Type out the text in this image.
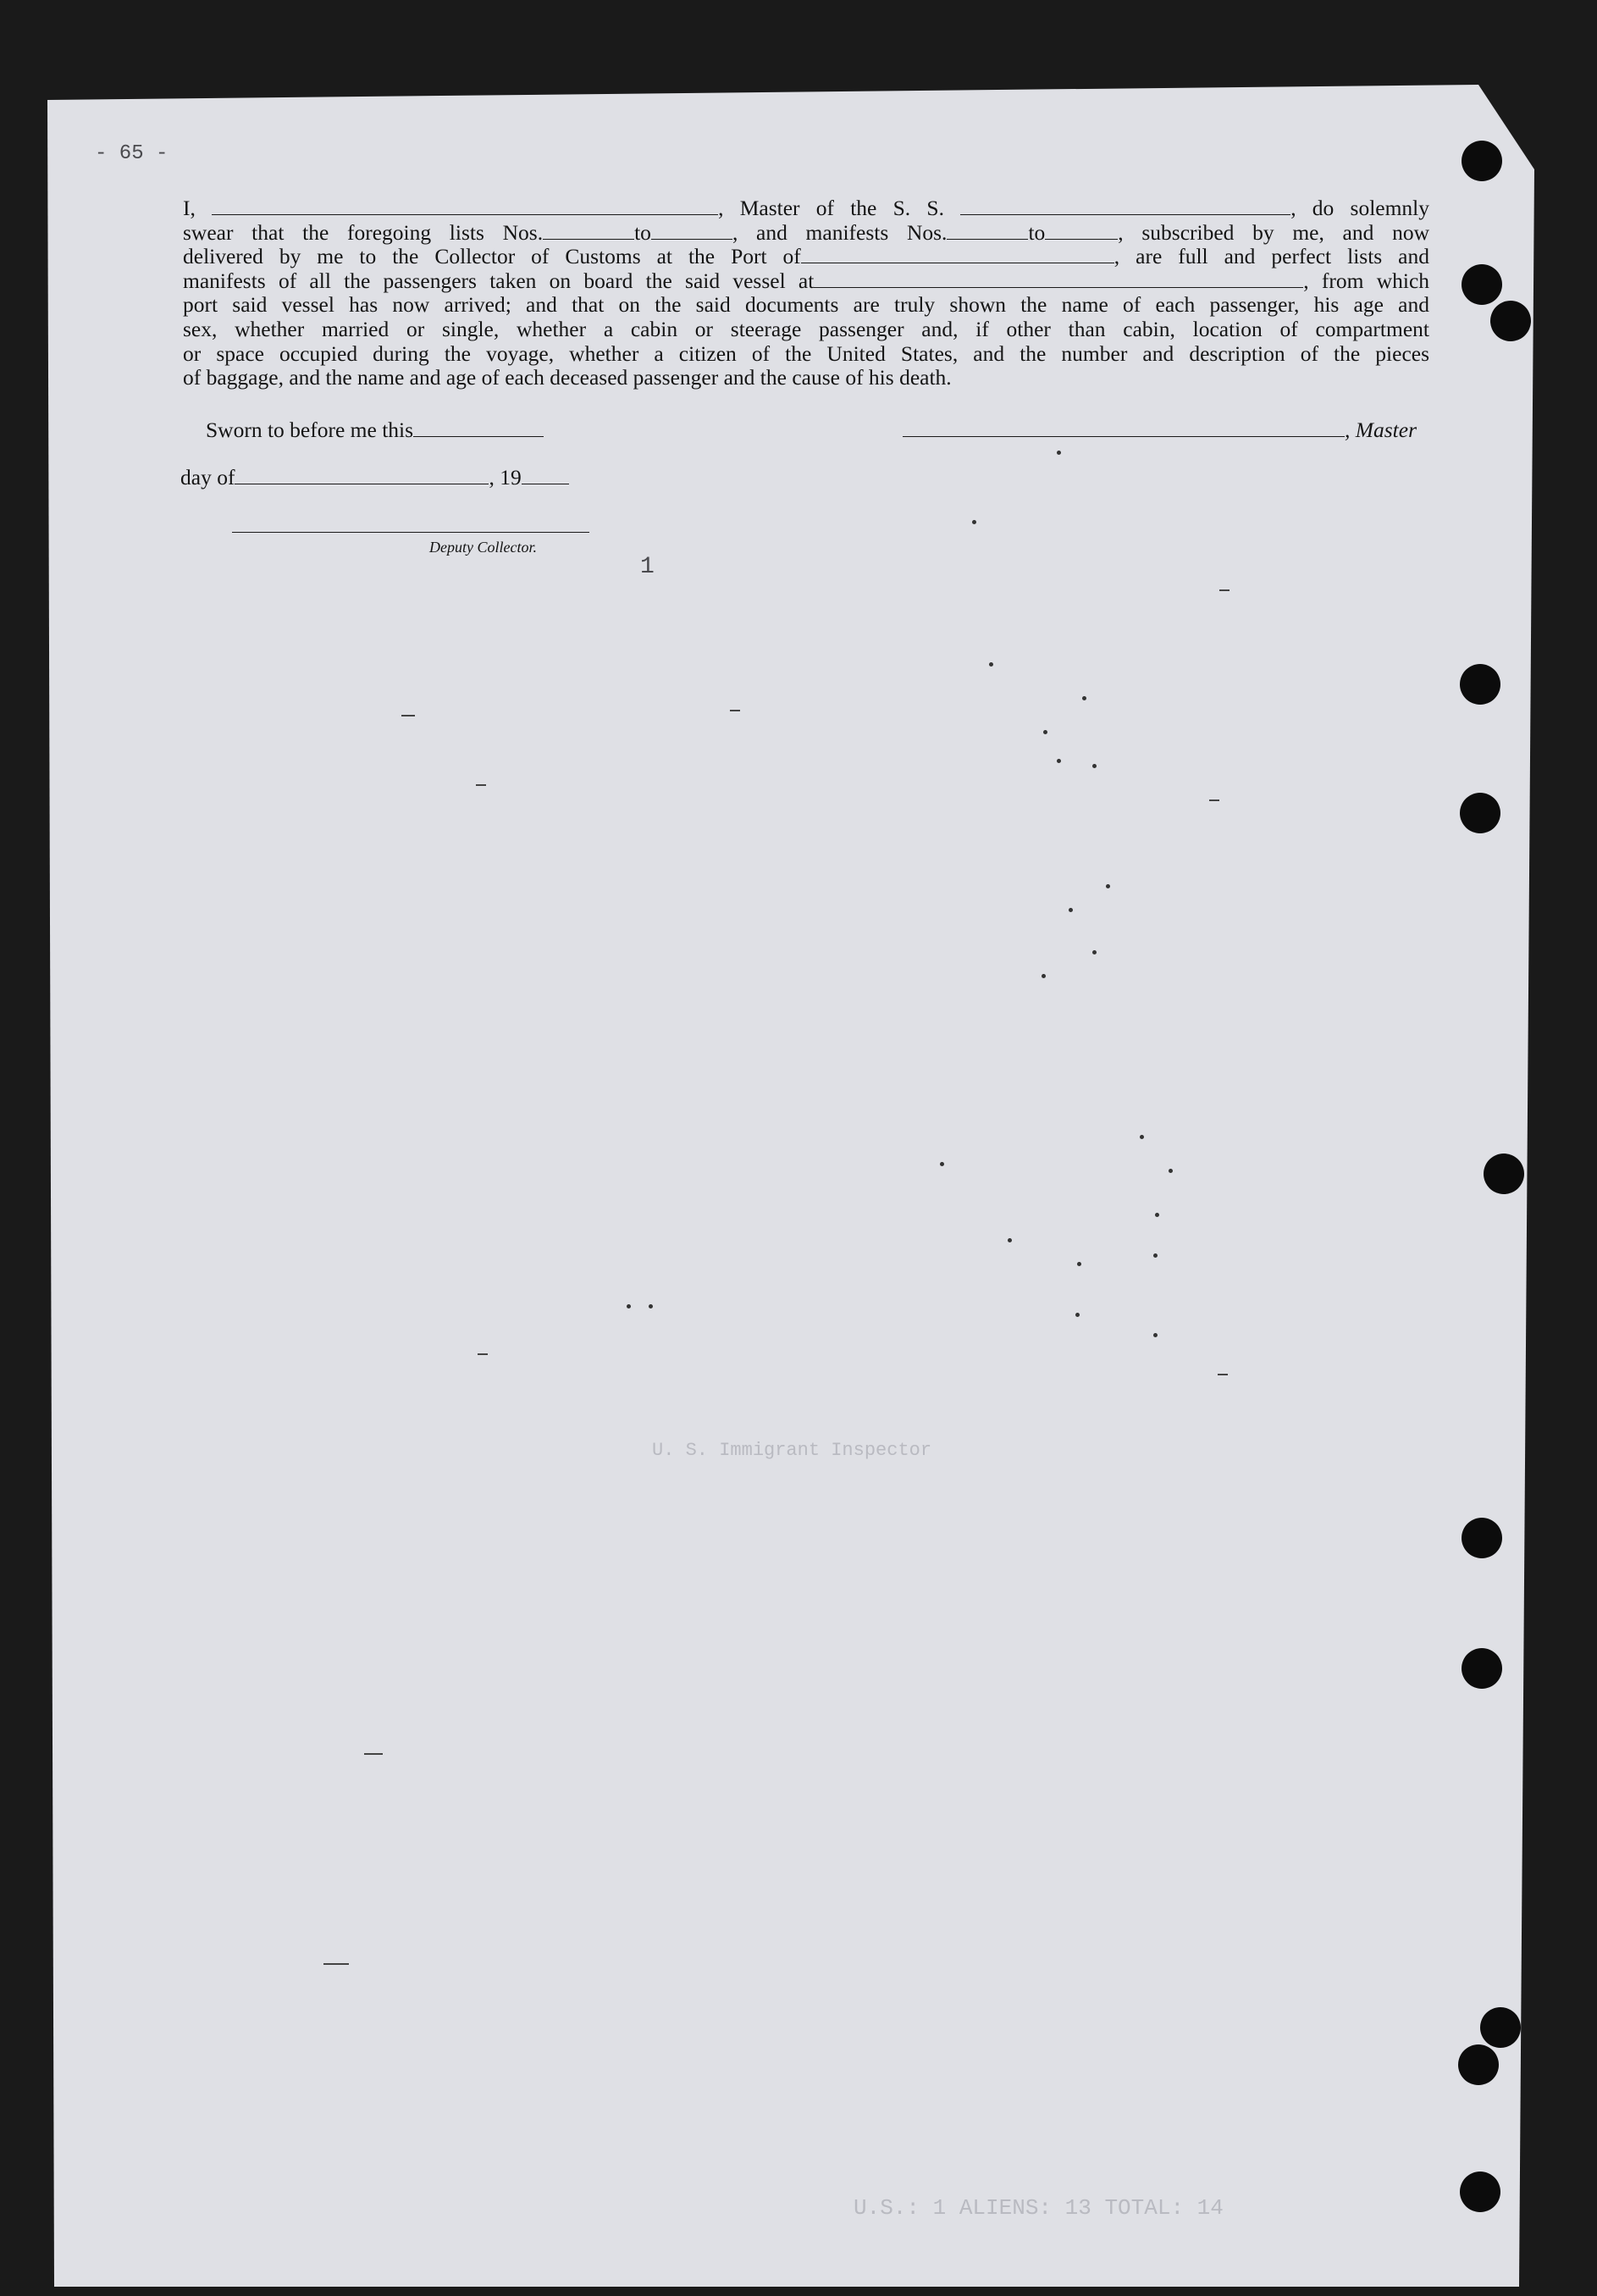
- 65 -
1
U. S. Immigrant Inspector
U.S.: 1 ALIENS: 13 TOTAL: 14
I,	, Master of the S. S.	, do solemnly
swear that the foregoing lists Nos.	to	, and manifests Nos.	to	, subscribed by me, and now
delivered by me to the Collector of Customs at the Port of	, are full and perfect lists and
manifests of all the passengers taken on board the said vessel at	, from which
port said vessel has now arrived; and that on the said documents are truly shown the name of each passenger, his age and
sex, whether married or single, whether a cabin or steerage passenger and, if other than cabin, location of compartment
or space occupied during the voyage, whether a citizen of the United States, and the number and description of the pieces
of baggage, and the name and age of each deceased passenger and the cause of his death.
Sworn to before me this	, Master
day of	, 19
Deputy Collector.
